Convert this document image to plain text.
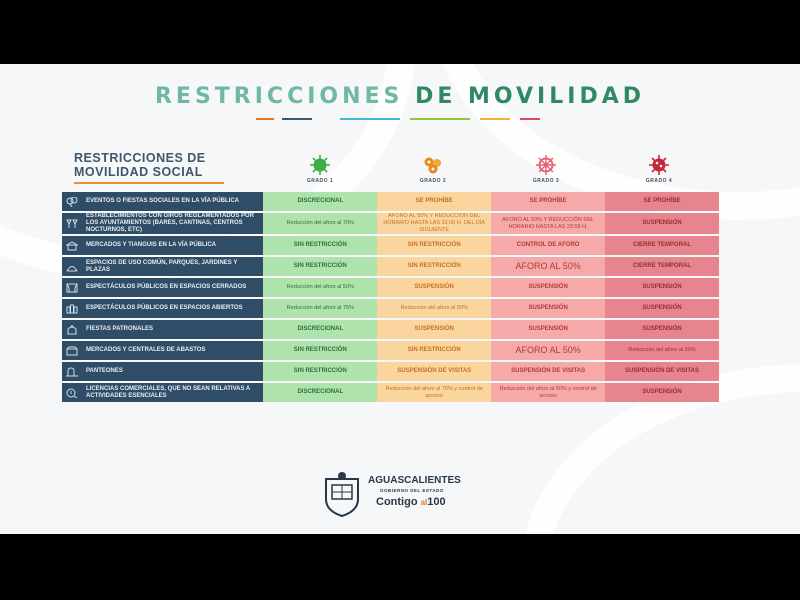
RESTRICCIONES DE MOVILIDAD
RESTRICCIONES DE
MOVILIDAD SOCIAL
GRADO 1	GRADO 2	GRADO 3	GRADO 4
EVENTOS O FIESTAS SOCIALES EN LA VÍA PÚBLICA	DISCRECIONAL	SE PROHÍBE	SE PROHÍBE	SE PROHÍBE
ESTABLECIMIENTOS CON GIROS REGLAMENTADOS POR LOS AYUNTAMIENTOS (BARES, CANTINAS, CENTROS NOCTURNOS, ETC)	Reducción del aforo al 70%	AFORO AL 50% Y REDUCCIÓN DEL HORARIO HASTA LAS 22:00 H. DEL DÍA SIGUIENTE	AFORO AL 50% Y REDUCCIÓN DEL HORARIO HASTA LAS 23:59 H.	SUSPENSIÓN
MERCADOS Y TIANGUIS EN LA VÍA PÚBLICA	SIN RESTRICCIÓN	SIN RESTRICCIÓN	CONTROL DE AFORO	CIERRE TEMPORAL
ESPACIOS DE USO COMÚN, PARQUES, JARDINES Y PLAZAS	SIN RESTRICCIÓN	SIN RESTRICCIÓN	AFORO AL 50%	CIERRE TEMPORAL
ESPECTÁCULOS PÚBLICOS EN ESPACIOS CERRADOS	Reducción del aforo al 50%	SUSPENSIÓN	SUSPENSIÓN	SUSPENSIÓN
ESPECTÁCULOS PÚBLICOS EN ESPACIOS ABIERTOS	Reducción del aforo al 75%	Reducción del aforo al 50%	SUSPENSIÓN	SUSPENSIÓN
FIESTAS PATRONALES	DISCRECIONAL	SUSPENSIÓN	SUSPENSIÓN	SUSPENSIÓN
MERCADOS Y CENTRALES DE ABASTOS	SIN RESTRICCIÓN	SIN RESTRICCIÓN	AFORO AL 50%	Reducción del aforo al 30%
PANTEONES	SIN RESTRICCIÓN	SUSPENSIÓN DE VISITAS	SUSPENSIÓN DE VISITAS	SUSPENSIÓN DE VISITAS
LICENCIAS COMERCIALES, QUE NO SEAN RELATIVAS A ACTIVIDADES ESENCIALES	DISCRECIONAL	Reducción del aforo al 70% y control de acceso	Reducción del aforo al 50% y control de acceso	SUSPENSIÓN
AGUASCALIENTES
GOBIERNO DEL ESTADO
Contigo al100
